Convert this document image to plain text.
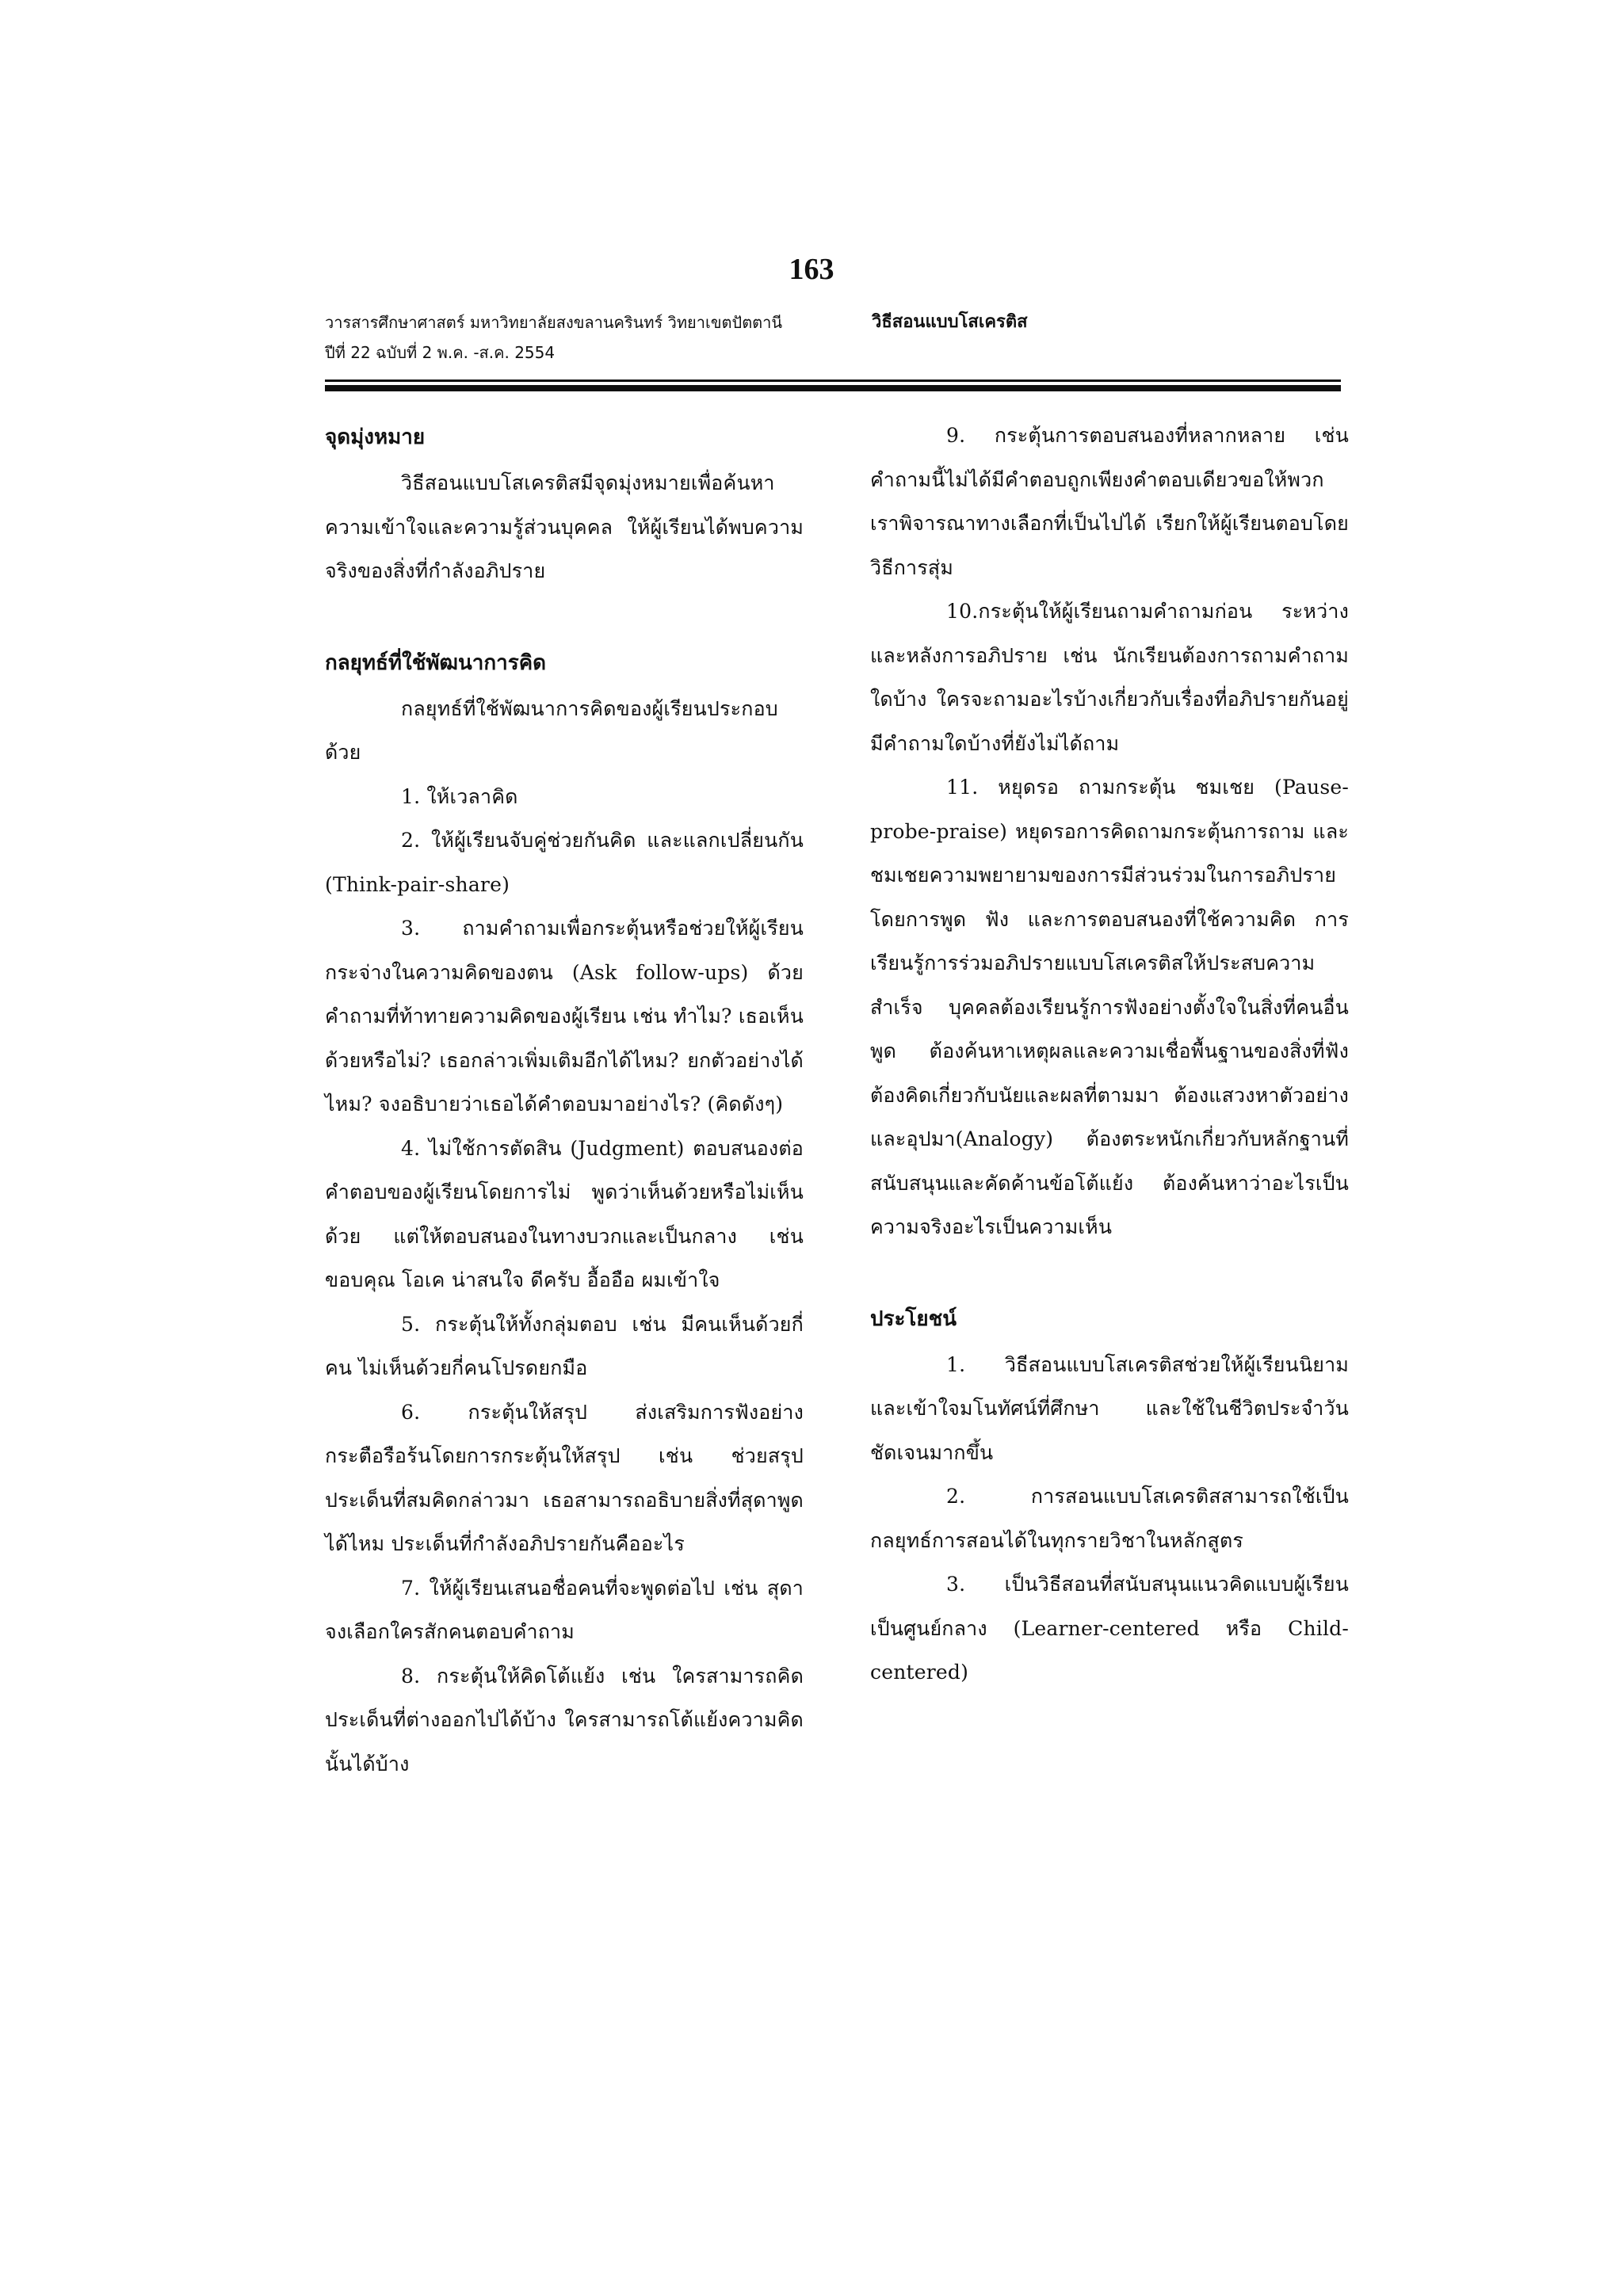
163
วารสารศึกษาศาสตร์ มหาวิทยาลัยสงขลานครินทร์ วิทยาเขตปัตตานี
ปีที่ 22 ฉบับที่ 2 พ.ค. -ส.ค. 2554
วิธีสอนแบบโสเครติส
จุดมุ่งหมาย

วิธีสอนแบบโสเครติสมีจุดมุ่งหมายเพื่อค้นหาความเข้าใจและความรู้ส่วนบุคคล ให้ผู้เรียนได้พบความจริงของสิ่งที่กำลังอภิปราย

กลยุทธ์ที่ใช้พัฒนาการคิด

กลยุทธ์ที่ใช้พัฒนาการคิดของผู้เรียนประกอบด้วย

1. ให้เวลาคิด

2. ให้ผู้เรียนจับคู่ช่วยกันคิด และแลกเปลี่ยนกัน (Think-pair-share)

3. ถามคำถามเพื่อกระตุ้นหรือช่วยให้ผู้เรียนกระจ่างในความคิดของตน (Ask follow-ups) ด้วยคำถามที่ท้าทายความคิดของผู้เรียน เช่น ทำไม? เธอเห็นด้วยหรือไม่? เธอกล่าวเพิ่มเติมอีกได้ไหม? ยกตัวอย่างได้ไหม? จงอธิบายว่าเธอได้คำตอบมาอย่างไร? (คิดดังๆ)

4. ไม่ใช้การตัดสิน (Judgment) ตอบสนองต่อคำตอบของผู้เรียนโดยการไม่ พูดว่าเห็นด้วยหรือไม่เห็นด้วย แต่ให้ตอบสนองในทางบวกและเป็นกลาง เช่น ขอบคุณ โอเค น่าสนใจ ดีครับ อื้ออือ ผมเข้าใจ

5. กระตุ้นให้ทั้งกลุ่มตอบ เช่น มีคนเห็นด้วยกี่คน ไม่เห็นด้วยกี่คนโปรดยกมือ

6. กระตุ้นให้สรุป ส่งเสริมการฟังอย่างกระตือรือร้นโดยการกระตุ้นให้สรุป เช่น ช่วยสรุปประเด็นที่สมคิดกล่าวมา เธอสามารถอธิบายสิ่งที่สุดาพูดได้ไหม ประเด็นที่กำลังอภิปรายกันคืออะไร

7. ให้ผู้เรียนเสนอชื่อคนที่จะพูดต่อไป เช่น สุดาจงเลือกใครสักคนตอบคำถาม

8. กระตุ้นให้คิดโต้แย้ง เช่น ใครสามารถคิดประเด็นที่ต่างออกไปได้บ้าง ใครสามารถโต้แย้งความคิดนั้นได้บ้าง

9. กระตุ้นการตอบสนองที่หลากหลาย เช่น คำถามนี้ไม่ได้มีคำตอบถูกเพียงคำตอบเดียวขอให้พวกเราพิจารณาทางเลือกที่เป็นไปได้ เรียกให้ผู้เรียนตอบโดยวิธีการสุ่ม

10.กระตุ้นให้ผู้เรียนถามคำถามก่อน ระหว่างและหลังการอภิปราย เช่น นักเรียนต้องการถามคำถามใดบ้าง ใครจะถามอะไรบ้างเกี่ยวกับเรื่องที่อภิปรายกันอยู่ มีคำถามใดบ้างที่ยังไม่ได้ถาม

11. หยุดรอ ถามกระตุ้น ชมเชย (Pause-probe-praise) หยุดรอการคิดถามกระตุ้นการถาม และชมเชยความพยายามของการมีส่วนร่วมในการอภิปรายโดยการพูด ฟัง และการตอบสนองที่ใช้ความคิด การเรียนรู้การร่วมอภิปรายแบบโสเครติสให้ประสบความสำเร็จ บุคคลต้องเรียนรู้การฟังอย่างตั้งใจในสิ่งที่คนอื่นพูด ต้องค้นหาเหตุผลและความเชื่อพื้นฐานของสิ่งที่ฟัง ต้องคิดเกี่ยวกับนัยและผลที่ตามมา ต้องแสวงหาตัวอย่างและอุปมา(Analogy) ต้องตระหนักเกี่ยวกับหลักฐานที่สนับสนุนและคัดค้านข้อโต้แย้ง ต้องค้นหาว่าอะไรเป็นความจริงอะไรเป็นความเห็น

ประโยชน์

1. วิธีสอนแบบโสเครติสช่วยให้ผู้เรียนนิยาม และเข้าใจมโนทัศน์ที่ศึกษา และใช้ในชีวิตประจำวันชัดเจนมากขึ้น

2. การสอนแบบโสเครติสสามารถใช้เป็นกลยุทธ์การสอนได้ในทุกรายวิชาในหลักสูตร

3. เป็นวิธีสอนที่สนับสนุนแนวคิดแบบผู้เรียนเป็นศูนย์กลาง (Learner-centered หรือ Child-centered)
